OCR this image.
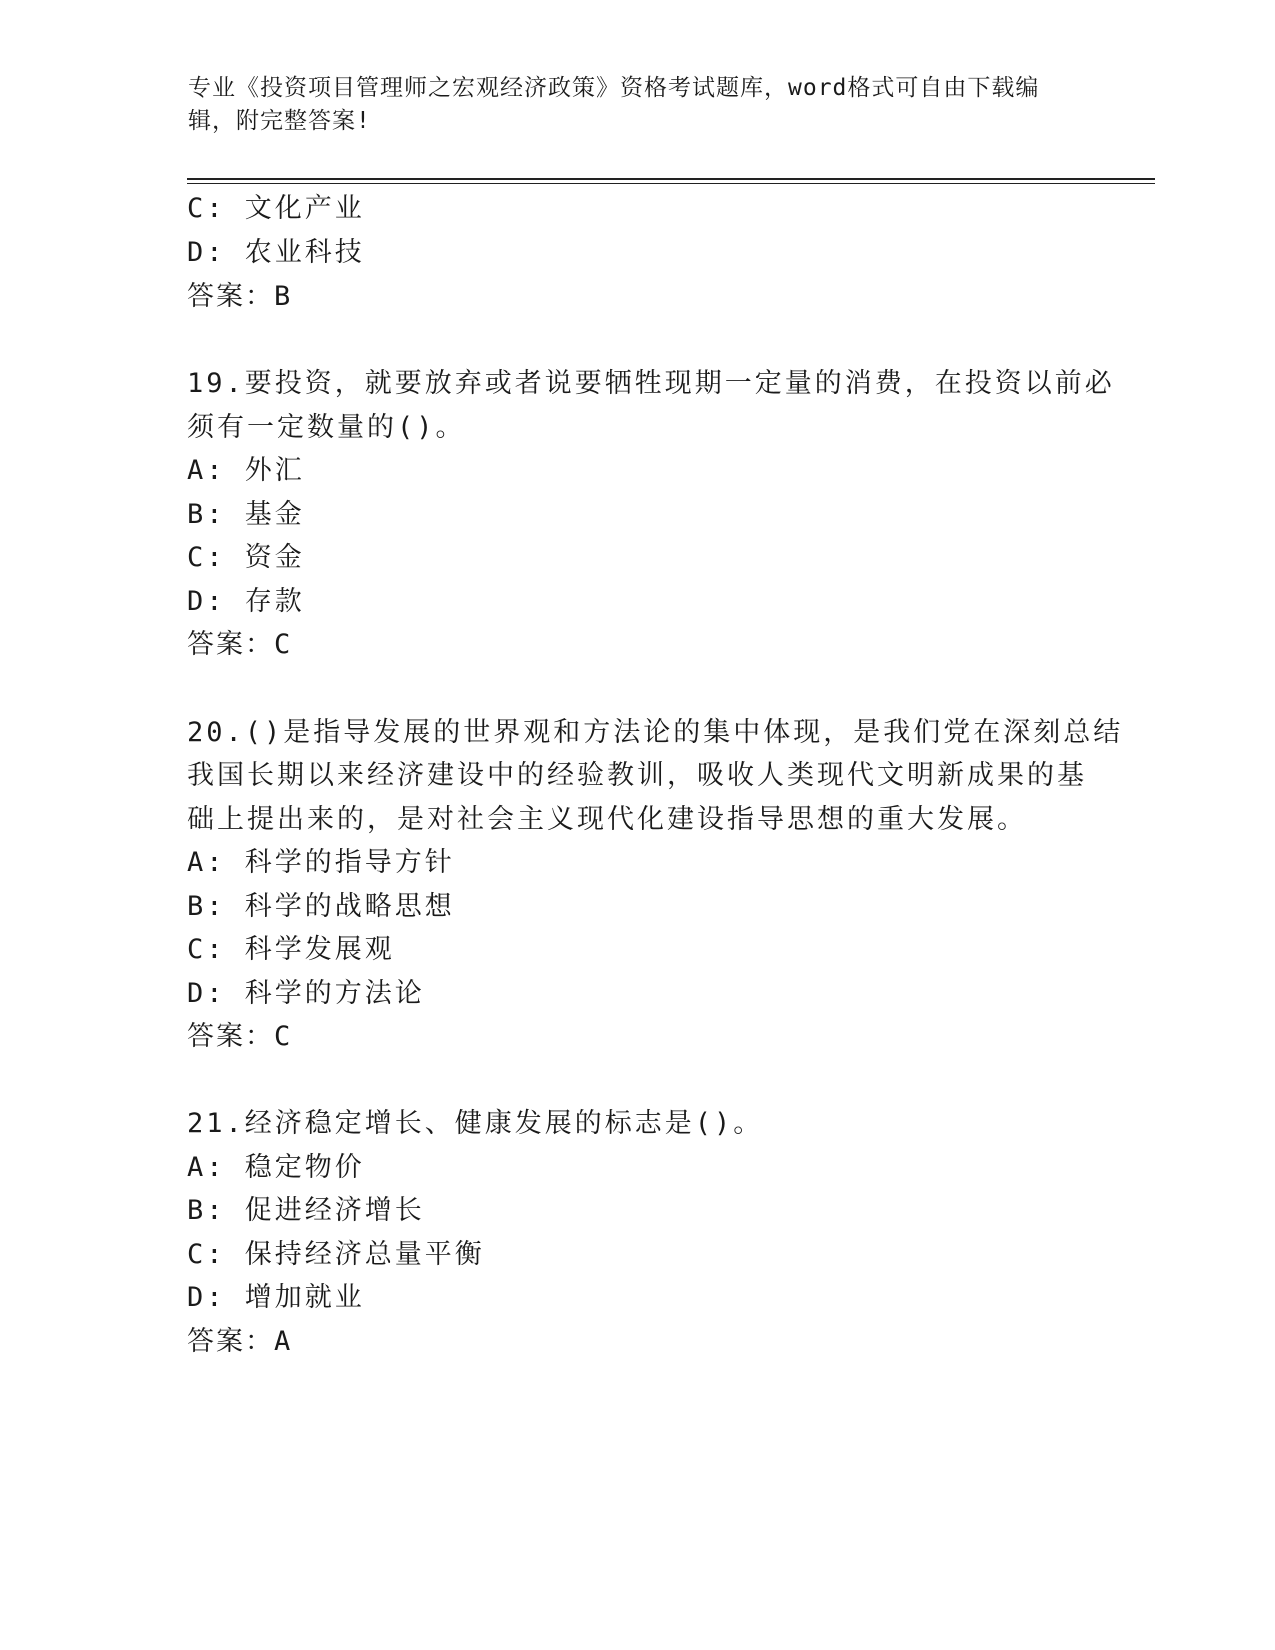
专业《投资项目管理师之宏观经济政策》资格考试题库，word格式可自由下载编辑，附完整答案!
C: 文化产业
D: 农业科技
答案：B
19.要投资，就要放弃或者说要牺牲现期一定量的消费，在投资以前必
须有一定数量的()。
A: 外汇
B: 基金
C: 资金
D: 存款
答案：C
20.()是指导发展的世界观和方法论的集中体现，是我们党在深刻总结
我国长期以来经济建设中的经验教训，吸收人类现代文明新成果的基
础上提出来的，是对社会主义现代化建设指导思想的重大发展。
A: 科学的指导方针
B: 科学的战略思想
C: 科学发展观
D: 科学的方法论
答案：C
21.经济稳定增长、健康发展的标志是()。
A: 稳定物价
B: 促进经济增长
C: 保持经济总量平衡
D: 增加就业
答案：A
